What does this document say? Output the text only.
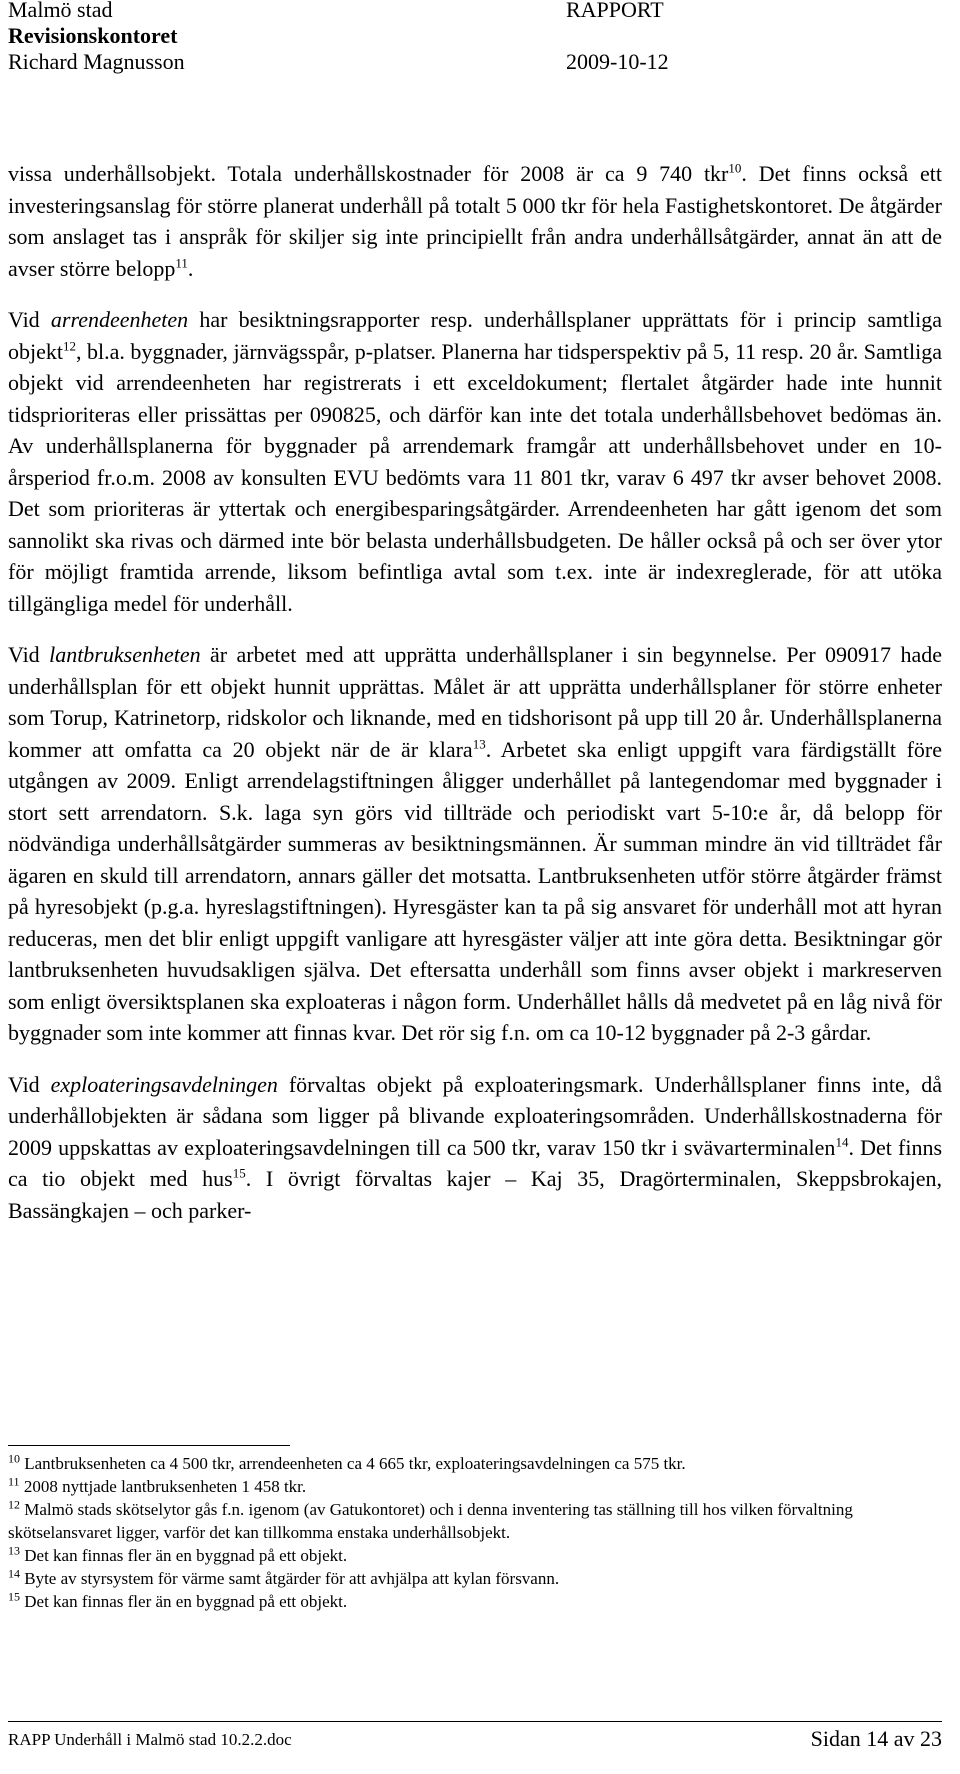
Malmö stad	RAPPORT
Revisionskontoret
Richard Magnusson	2009-10-12

vissa underhållsobjekt. Totala underhållskostnader för 2008 är ca 9 740 tkr$^{10}$. Det finns också ett investeringsanslag för större planerat underhåll på totalt 5 000 tkr för hela Fastighetskontoret. De åtgärder som anslaget tas i anspråk för skiljer sig inte principiellt från andra underhållsåtgärder, annat än att de avser större belopp$^{11}$.

Vid arrendeenheten har besiktningsrapporter resp. underhållsplaner upprättats för i princip samtliga objekt$^{12}$, bl.a. byggnader, järnvägsspår, p-platser. Planerna har tidsperspektiv på 5, 11 resp. 20 år. Samtliga objekt vid arrendeenheten har registrerats i ett exceldokument; flertalet åtgärder hade inte hunnit tidsprioriteras eller prissättas per 090825, och därför kan inte det totala underhållsbehovet bedömas än. Av underhållsplanerna för byggnader på arrendemark framgår att underhållsbehovet under en 10-årsperiod fr.o.m. 2008 av konsulten EVU bedömts vara 11 801 tkr, varav 6 497 tkr avser behovet 2008. Det som prioriteras är yttertak och energibesparingsåtgärder. Arrendeenheten har gått igenom det som sannolikt ska rivas och därmed inte bör belasta underhållsbudgeten. De håller också på och ser över ytor för möjligt framtida arrende, liksom befintliga avtal som t.ex. inte är indexreglerade, för att utöka tillgängliga medel för underhåll.

Vid lantbruksenheten är arbetet med att upprätta underhållsplaner i sin begynnelse. Per 090917 hade underhållsplan för ett objekt hunnit upprättas. Målet är att upprätta underhållsplaner för större enheter som Torup, Katrinetorp, ridskolor och liknande, med en tidshorisont på upp till 20 år. Underhållsplanerna kommer att omfatta ca 20 objekt när de är klara$^{13}$. Arbetet ska enligt uppgift vara färdigställt före utgången av 2009. Enligt arrendelagstiftningen åligger underhållet på lantegendomar med byggnader i stort sett arrendatorn. S.k. laga syn görs vid tillträde och periodiskt vart 5-10:e år, då belopp för nödvändiga underhållsåtgärder summeras av besiktningsmännen. Är summan mindre än vid tillträdet får ägaren en skuld till arrendatorn, annars gäller det motsatta. Lantbruksenheten utför större åtgärder främst på hyresobjekt (p.g.a. hyreslagstiftningen). Hyresgäster kan ta på sig ansvaret för underhåll mot att hyran reduceras, men det blir enligt uppgift vanligare att hyresgäster väljer att inte göra detta. Besiktningar gör lantbruksenheten huvudsakligen själva. Det eftersatta underhåll som finns avser objekt i markreserven som enligt översiktsplanen ska exploateras i någon form. Underhållet hålls då medvetet på en låg nivå för byggnader som inte kommer att finnas kvar. Det rör sig f.n. om ca 10-12 byggnader på 2-3 gårdar.

Vid exploateringsavdelningen förvaltas objekt på exploateringsmark. Underhållsplaner finns inte, då underhållobjekten är sådana som ligger på blivande exploateringsområden. Underhållskostnaderna för 2009 uppskattas av exploateringsavdelningen till ca 500 tkr, varav 150 tkr i svävarterminalen$^{14}$. Det finns ca tio objekt med hus$^{15}$. I övrigt förvaltas kajer – Kaj 35, Dragörterminalen, Skeppsbrokajen, Bassängkajen – och parker-

$^{10}$ Lantbruksenheten ca 4 500 tkr, arrendeenheten ca 4 665 tkr, exploateringsavdelningen ca 575 tkr.
$^{11}$ 2008 nyttjade lantbruksenheten 1 458 tkr.
$^{12}$ Malmö stads skötselytor gås f.n. igenom (av Gatukontoret) och i denna inventering tas ställning till hos vilken förvaltning skötselansvaret ligger, varför det kan tillkomma enstaka underhållsobjekt.
$^{13}$ Det kan finnas fler än en byggnad på ett objekt.
$^{14}$ Byte av styrsystem för värme samt åtgärder för att avhjälpa att kylan försvann.
$^{15}$ Det kan finnas fler än en byggnad på ett objekt.
RAPP Underhåll i Malmö stad 10.2.2.doc	Sidan 14 av 23
